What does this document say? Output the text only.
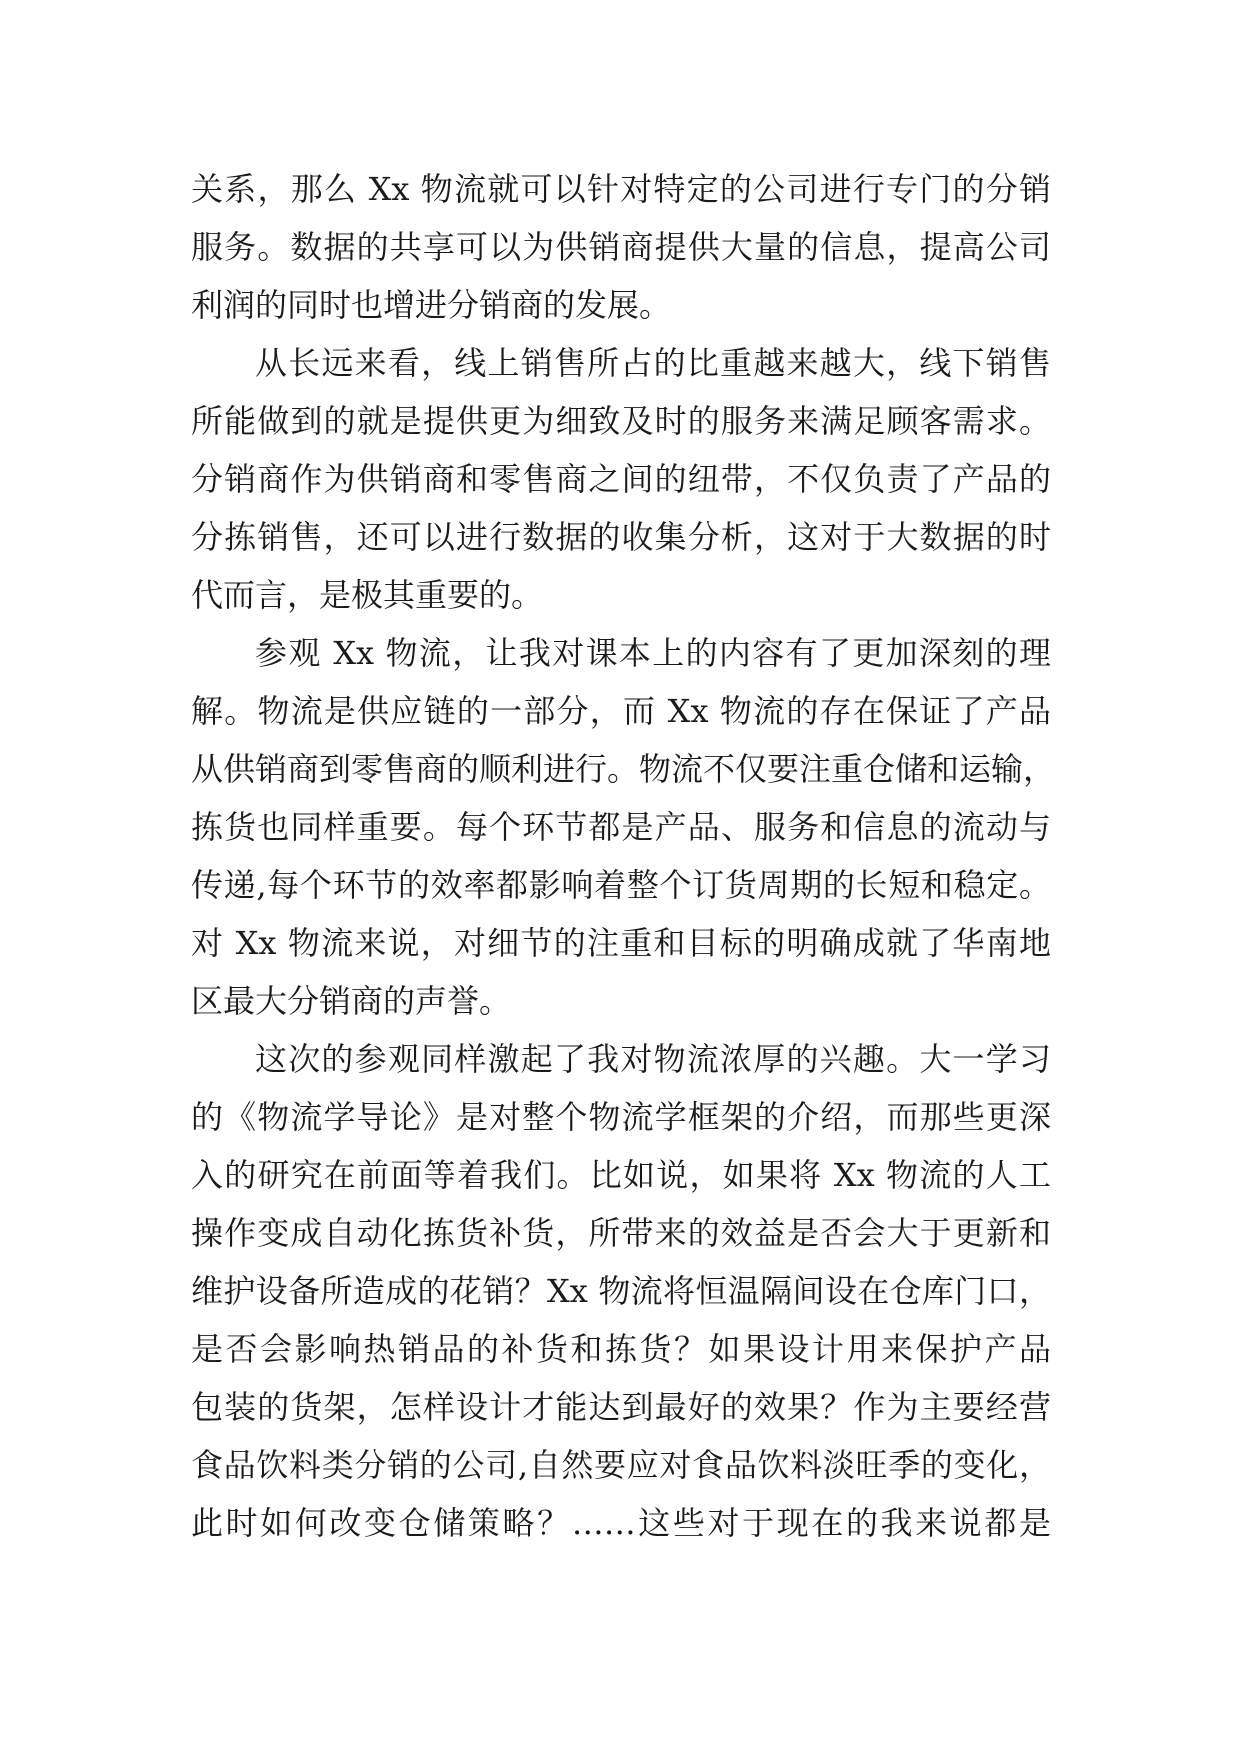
关系，那么 Xx 物流就可以针对特定的公司进行专门的分销
服务。数据的共享可以为供销商提供大量的信息，提高公司
利润的同时也增进分销商的发展。
从长远来看，线上销售所占的比重越来越大，线下销售
所能做到的就是提供更为细致及时的服务来满足顾客需求。
分销商作为供销商和零售商之间的纽带，不仅负责了产品的
分拣销售，还可以进行数据的收集分析，这对于大数据的时
代而言，是极其重要的。
参观 Xx 物流，让我对课本上的内容有了更加深刻的理
解。物流是供应链的一部分，而 Xx 物流的存在保证了产品
从供销商到零售商的顺利进行。物流不仅要注重仓储和运输，
拣货也同样重要。每个环节都是产品、服务和信息的流动与
传递,每个环节的效率都影响着整个订货周期的长短和稳定。
对 Xx 物流来说，对细节的注重和目标的明确成就了华南地
区最大分销商的声誉。
这次的参观同样激起了我对物流浓厚的兴趣。大一学习
的《物流学导论》是对整个物流学框架的介绍，而那些更深
入的研究在前面等着我们。比如说，如果将 Xx 物流的人工
操作变成自动化拣货补货，所带来的效益是否会大于更新和
维护设备所造成的花销？Xx 物流将恒温隔间设在仓库门口，
是否会影响热销品的补货和拣货？如果设计用来保护产品
包装的货架，怎样设计才能达到最好的效果？作为主要经营
食品饮料类分销的公司,自然要应对食品饮料淡旺季的变化，
此时如何改变仓储策略？……这些对于现在的我来说都是
